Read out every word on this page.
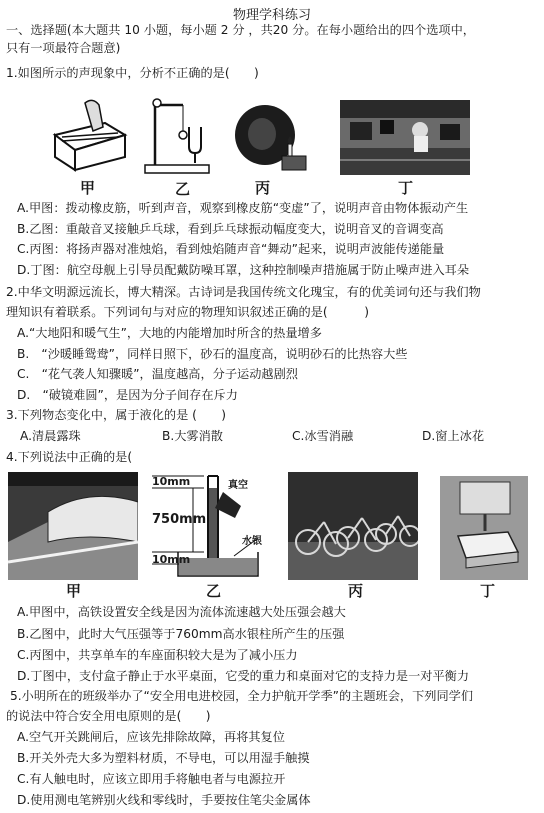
物理学科练习
一、选择题(本大题共 10 小题，每小题 2 分 ，共20 分。在每小题给出的四个选项中，
只有一项最符合题意)
1.如图所示的声现象中，分析不正确的是(　　)
甲	乙	丙	丁
A.甲图：拨动橡皮筋，听到声音，观察到橡皮筋“变虚”了，说明声音由物体振动产生
B.乙图：重敲音叉接触乒乓球，看到乒乓球振动幅度变大，说明音叉的音调变高
C.丙图：将扬声器对准烛焰，看到烛焰随声音“舞动”起来，说明声波能传递能量
D.丁图：航空母舰上引导员配戴防噪耳罩，这种控制噪声措施属于防止噪声进入耳朵
2.中华文明源远流长，博大精深。古诗词是我国传统文化瑰宝，有的优美词句还与我们物
理知识有着联系。下列词句与对应的物理知识叙述正确的是(　　　)
A.“大地阳和暖气生”，大地的内能增加时所含的热量增多
B.　“沙暖睡鸳鸯”，同样日照下，砂石的温度高，说明砂石的比热容大些
C.　“花气袭人知骤暖”，温度越高，分子运动越剧烈
D.　“破镜难圆”，是因为分子间存在斥力
3.下列物态变化中，属于液化的是 (　　)
A.清晨露珠	B.大雾消散	C.冰雪消融	D.窗上冰花
4.下列说法中正确的是(
甲
10mm	真空
750mm
水银
10mm
乙	丙	丁
A.甲图中，高铁设置安全线是因为流体流速越大处压强会越大
B.乙图中，此时大气压强等于760mm高水银柱所产生的压强
C.丙图中，共享单车的车座面积较大是为了减小压力
D.丁图中，支付盒子静止于水平桌面，它受的重力和桌面对它的支持力是一对平衡力
5.小明所在的班级举办了“安全用电进校园，全力护航开学季”的主题班会，下列同学们
的说法中符合安全用电原则的是(　　)
A.空气开关跳闸后，应该先排除故障，再将其复位
B.开关外壳大多为塑料材质，不导电，可以用湿手触摸
C.有人触电时，应该立即用手将触电者与电源拉开
D.使用测电笔辨别火线和零线时，手要按住笔尖金属体
